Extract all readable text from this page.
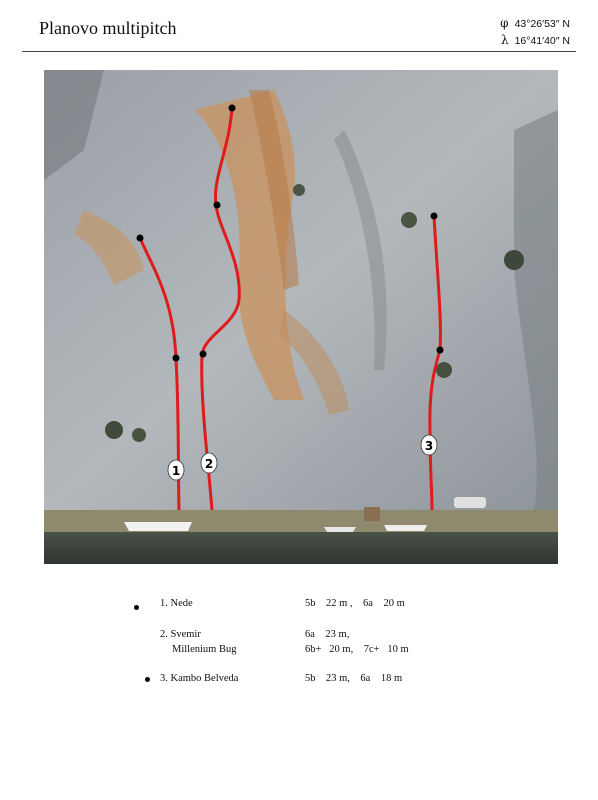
Planovo multipitch	φ 43°26′53″ N
λ 16°41′40″ N
1 2
3
1. Nede	5b    22 m ,    6a    20 m
2. Svemir	6a    23 m,
Millenium Bug	6b+   20 m,    7c+   10 m
3. Kambo Belveda	5b    23 m,    6a    18 m
